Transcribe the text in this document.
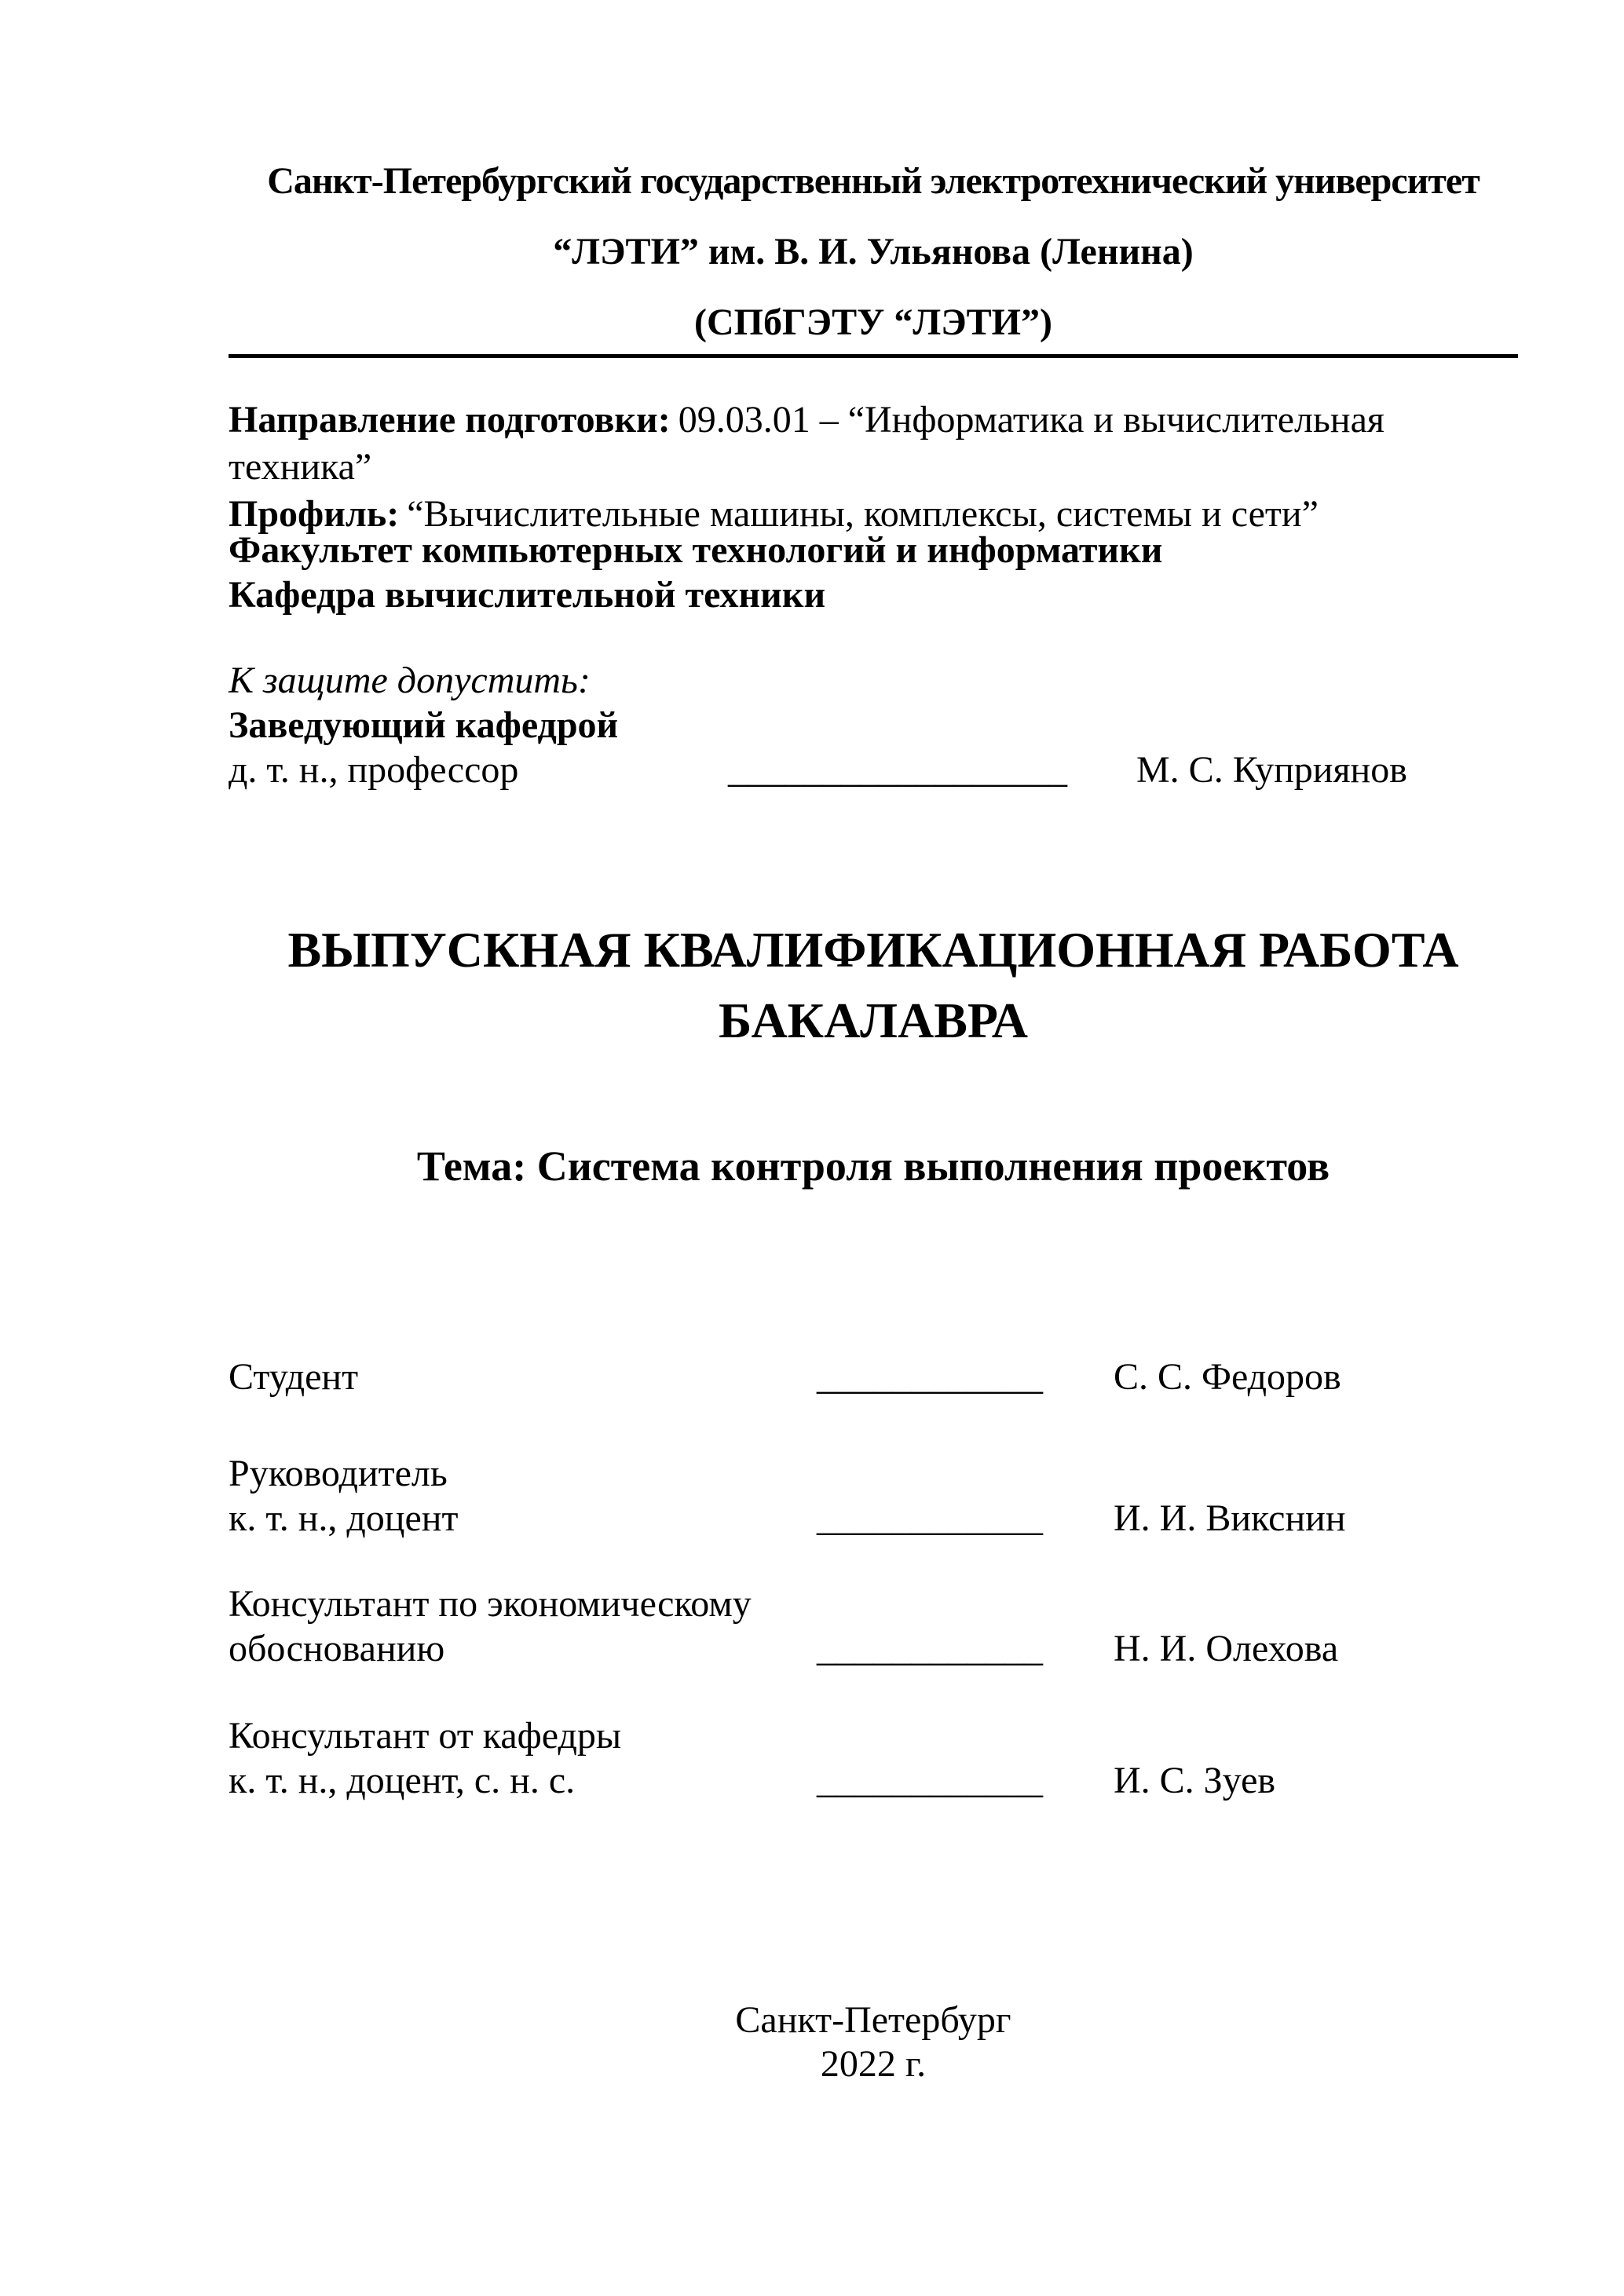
Санкт-Петербургский государственный электротехнический университет
“ЛЭТИ” им. В. И. Ульянова (Ленина)
(СПбГЭТУ “ЛЭТИ”)
Направление подготовки: 09.03.01 – “Информатика и вычислительная техника”
Профиль: “Вычислительные машины, комплексы, системы и сети”
Факультет компьютерных технологий и информатики
Кафедра вычислительной техники
К защите допустить:
Заведующий кафедрой
д. т. н., профессор	__________________ М. С. Куприянов
ВЫПУСКНАЯ КВАЛИФИКАЦИОННАЯ РАБОТА
БАКАЛАВРА
Тема: Система контроля выполнения проектов
Студент	____________ С. С. Федоров
Руководитель
к. т. н., доцент	____________ И. И. Викснин
Консультант по экономическому
обоснованию	____________ Н. И. Олехова
Консультант от кафедры
к. т. н., доцент, с. н. с.	____________ И. С. Зуев
Санкт-Петербург
2022 г.
